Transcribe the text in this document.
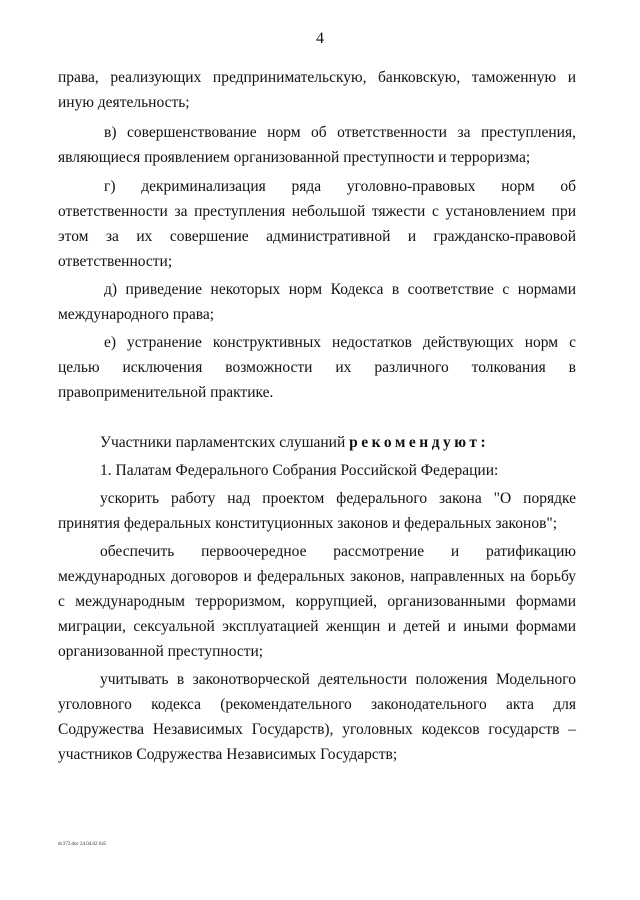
4
права, реализующих предпринимательскую, банковскую, таможенную и
иную деятельность;
в) совершенствование норм об ответственности за преступления,
являющиеся проявлением организованной преступности и терроризма;
г) декриминализация ряда уголовно-правовых норм об
ответственности за преступления небольшой тяжести с установлением при
этом за их совершение административной и гражданско-правовой
ответственности;
д) приведение некоторых норм Кодекса в соответствие с нормами
международного права;
е) устранение конструктивных недостатков действующих норм с
целью исключения возможности их различного толкования в
правоприменительной практике.
Участники парламентских слушаний рекомендуют:
1. Палатам Федерального Собрания Российской Федерации:
ускорить работу над проектом федерального закона "О порядке
принятия федеральных конституционных законов и федеральных законов";
обеспечить первоочередное рассмотрение и ратификацию
международных договоров и федеральных законов, направленных на борьбу
с международным терроризмом, коррупцией, организованными формами
миграции, сексуальной эксплуатацией женщин и детей и иными формами
организованной преступности;
учитывать в законотворческой деятельности положения Модельного
уголовного кодекса (рекомендательного законодательного акта для
Содружества Независимых Государств), уголовных кодексов государств –
участников Содружества Независимых Государств;
dc372.doc 24.04.02 645
